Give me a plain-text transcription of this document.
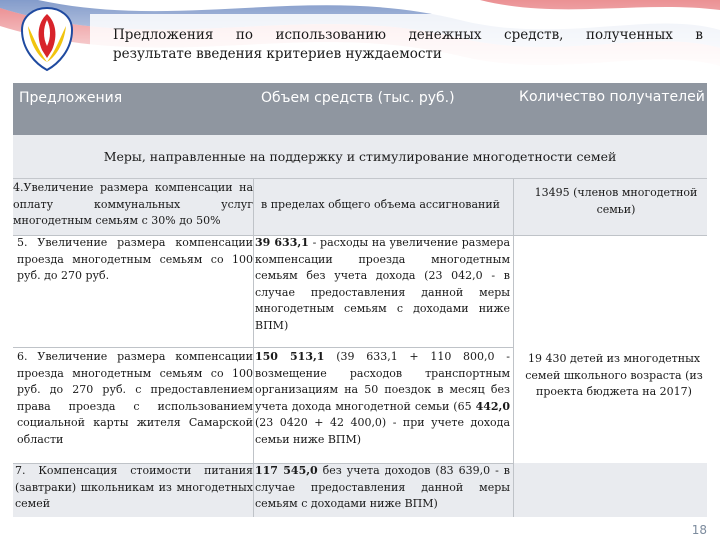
Предложения по использованию денежных средств, полученных в
результате введения критериев нуждаемости
Предложения	Объем средств (тыс. руб.)	Количество получателей
Меры, направленные на поддержку и стимулирование многодетности семей
4.Увеличение размера компенсации на оплату коммунальных услуг многодетным семьям с 30% до 50%
в пределах общего объема ассигнований
13495 (членов многодетной семьи)
5. Увеличение размера компенсации проезда многодетным семьям со 100 руб. до 270 руб.
39 633,1 - расходы на увеличение размера компенсации проезда многодетным семьям без учета дохода (23 042,0 - в случае предоставления данной меры многодетным семьям с доходами ниже ВПМ)
6. Увеличение размера компенсации проезда многодетным семьям со 100 руб. до 270 руб. с предоставлением права проезда с использованием социальной карты жителя Самарской области
150 513,1 (39 633,1 + 110 800,0 - возмещение расходов транспортным организациям на 50 поездок в месяц без учета дохода многодетной семьи (65 442,0 (23 0420 + 42 400,0) - при учете дохода семьи ниже ВПМ)
19 430 детей из многодетных семей школьного возраста (из проекта бюджета на 2017)
7. Компенсация стоимости питания (завтраки) школьникам из многодетных семей
117 545,0 без учета доходов (83 639,0 - в случае предоставления данной меры семьям с доходами ниже ВПМ)
18
